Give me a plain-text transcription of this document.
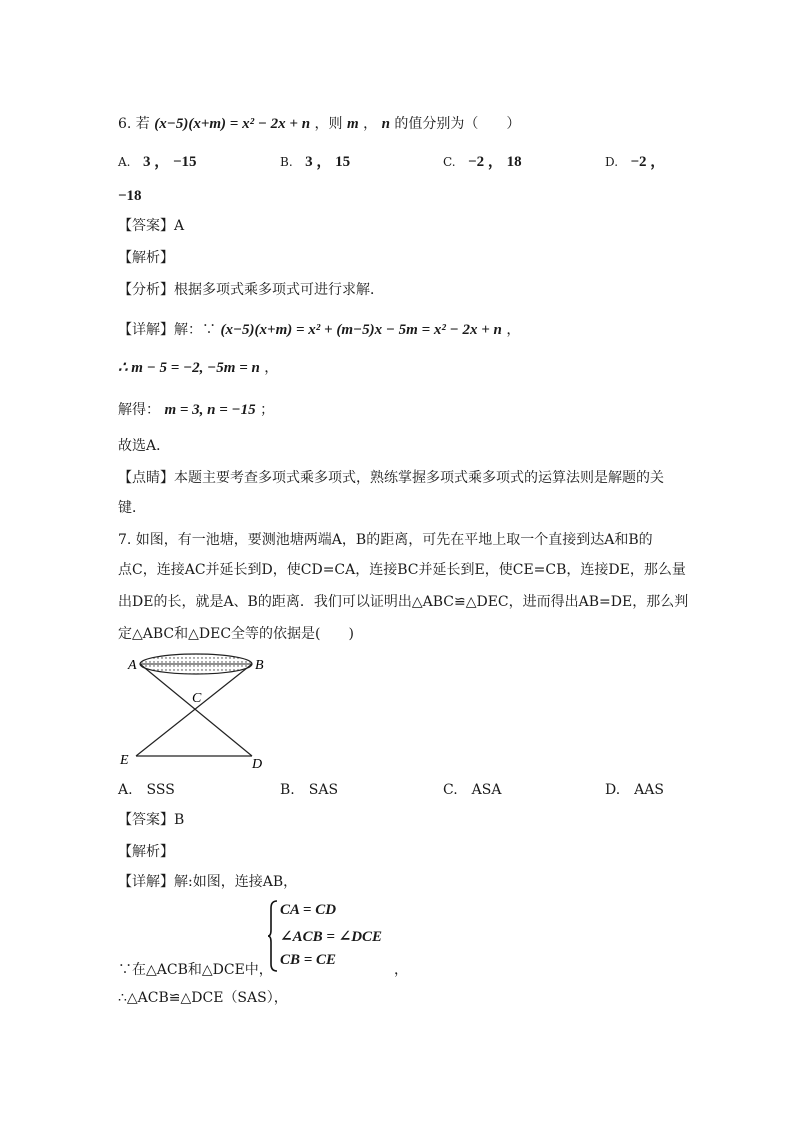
6. 若 (x−5)(x+m) = x² − 2x + n ，则 m ， n 的值分别为（　　）
A. 3 ， −15	B. 3 ， 15	C. −2 ， 18	D. −2 ，
−18
【答案】A
【解析】
【分析】根据多项式乘多项式可进行求解．
【详解】解：∵ (x−5)(x+m) = x² + (m−5)x − 5m = x² − 2x + n ，
∴ m − 5 = −2, −5m = n ，
解得： m = 3, n = −15 ；
故选A．
【点睛】本题主要考查多项式乘多项式，熟练掌握多项式乘多项式的运算法则是解题的关
键．
7. 如图，有一池塘，要测池塘两端A，B的距离，可先在平地上取一个直接到达A和B的
点C，连接AC并延长到D，使CD=CA，连接BC并延长到E，使CE=CB，连接DE，那么量
出DE的长，就是A、B的距离．我们可以证明出△ABC≌△DEC，进而得出AB=DE，那么判
定△ABC和△DEC全等的依据是(　　)
A	B
C
E	D
A.　SSS	B.　SAS	C.　ASA	D.　AAS
【答案】B
【解析】
【详解】解:如图，连接AB，
CA = CD
∠ACB = ∠DCE
CB = CE
∵在△ACB和△DCE中，	，
∴△ACB≌△DCE（SAS），
